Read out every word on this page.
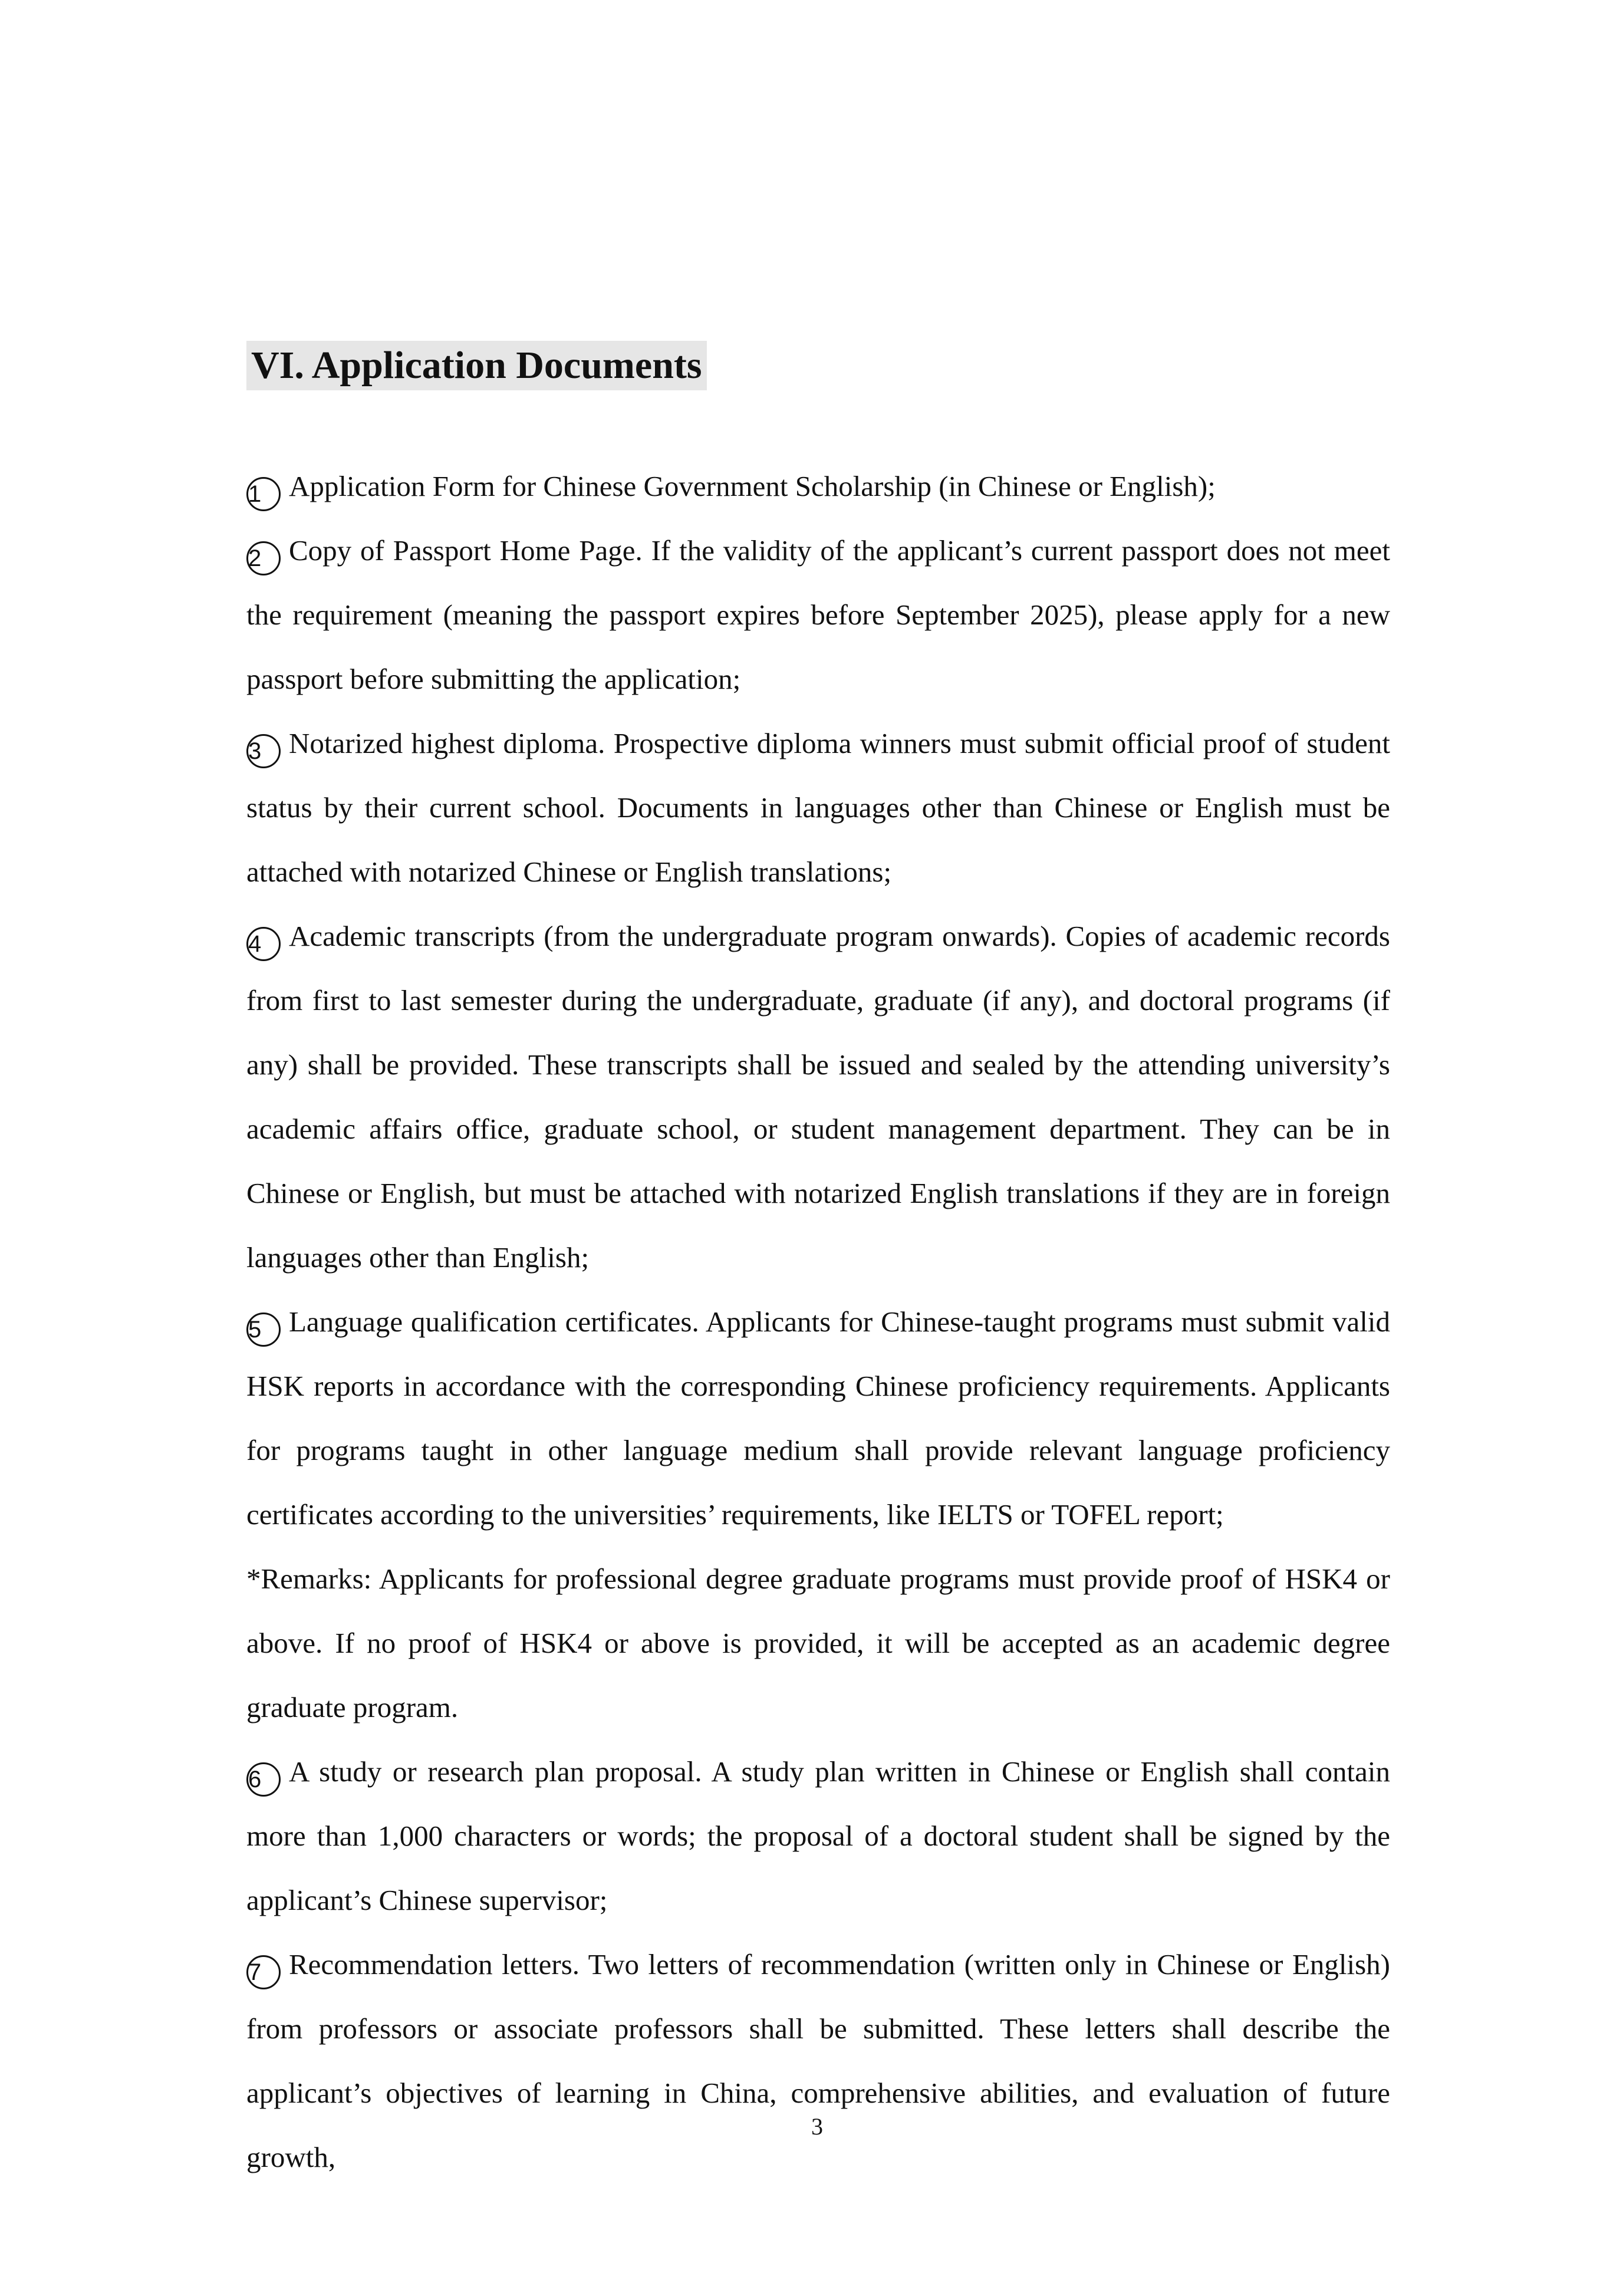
VI. Application Documents

1 Application Form for Chinese Government Scholarship (in Chinese or English);

2 Copy of Passport Home Page. If the validity of the applicant’s current passport does not meet the requirement (meaning the passport expires before September 2025), please apply for a new passport before submitting the application;

3 Notarized highest diploma. Prospective diploma winners must submit official proof of student status by their current school. Documents in languages other than Chinese or English must be attached with notarized Chinese or English translations;

4 Academic transcripts (from the undergraduate program onwards). Copies of academic records from first to last semester during the undergraduate, graduate (if any), and doctoral programs (if any) shall be provided. These transcripts shall be issued and sealed by the attending university’s academic affairs office, graduate school, or student management department. They can be in Chinese or English, but must be attached with notarized English translations if they are in foreign languages other than English;

5 Language qualification certificates. Applicants for Chinese-taught programs must submit valid HSK reports in accordance with the corresponding Chinese proficiency requirements. Applicants for programs taught in other language medium shall provide relevant language proficiency certificates according to the universities’ requirements, like IELTS or TOFEL report;

*Remarks: Applicants for professional degree graduate programs must provide proof of HSK4 or above. If no proof of HSK4 or above is provided, it will be accepted as an academic degree graduate program.

6 A study or research plan proposal. A study plan written in Chinese or English shall contain more than 1,000 characters or words; the proposal of a doctoral student shall be signed by the applicant’s Chinese supervisor;

7 Recommendation letters. Two letters of recommendation (written only in Chinese or English) from professors or associate professors shall be submitted. These letters shall describe the applicant’s objectives of learning in China, comprehensive abilities, and evaluation of future growth,

3
